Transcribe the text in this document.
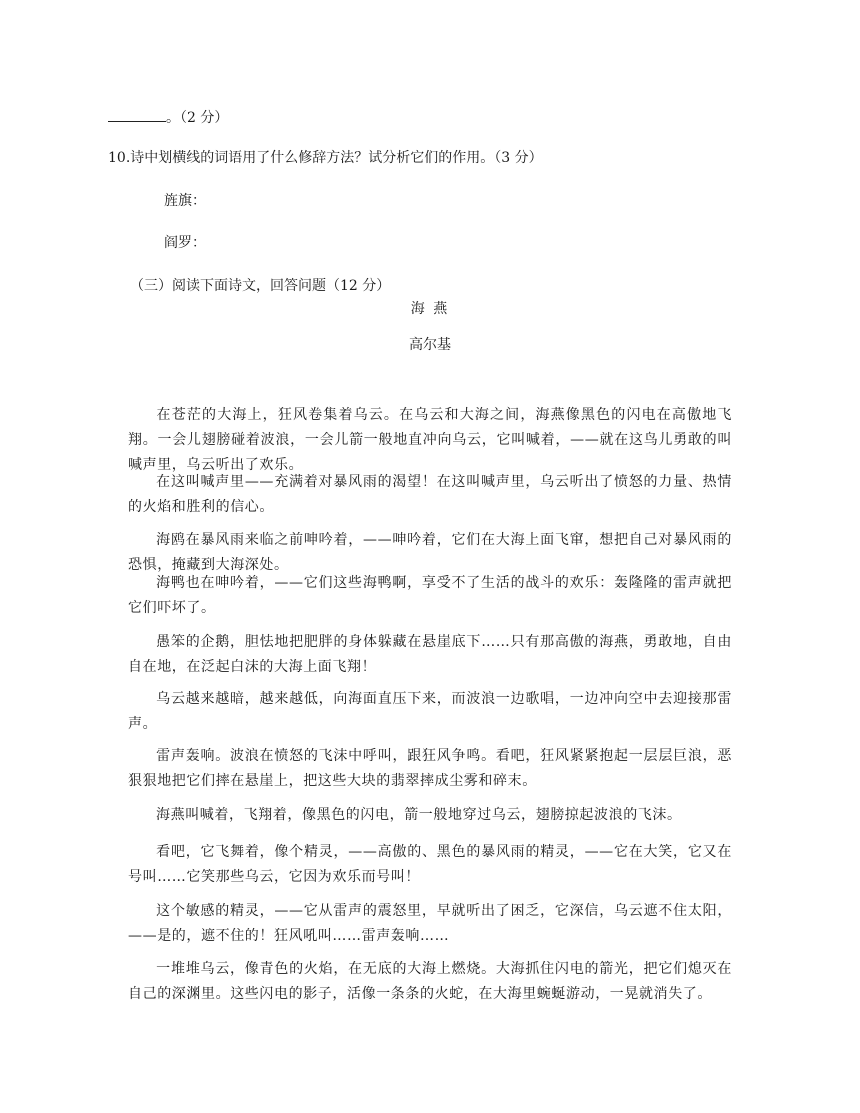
。（2 分）
10.诗中划横线的词语用了什么修辞方法？试分析它们的作用。（3 分）
旌旗：
阎罗：
（三）阅读下面诗文，回答问题（12 分）
海 燕
高尔基
在苍茫的大海上，狂风卷集着乌云。在乌云和大海之间，海燕像黑色的闪电在高傲地飞翔。一会儿翅膀碰着波浪，一会儿箭一般地直冲向乌云，它叫喊着，——就在这鸟儿勇敢的叫喊声里，乌云听出了欢乐。
在这叫喊声里——充满着对暴风雨的渴望！在这叫喊声里，乌云听出了愤怒的力量、热情的火焰和胜利的信心。
海鸥在暴风雨来临之前呻吟着，——呻吟着，它们在大海上面飞窜，想把自己对暴风雨的恐惧，掩藏到大海深处。
海鸭也在呻吟着，——它们这些海鸭啊，享受不了生活的战斗的欢乐：轰隆隆的雷声就把它们吓坏了。
愚笨的企鹅，胆怯地把肥胖的身体躲藏在悬崖底下……只有那高傲的海燕，勇敢地，自由自在地，在泛起白沫的大海上面飞翔！
乌云越来越暗，越来越低，向海面直压下来，而波浪一边歌唱，一边冲向空中去迎接那雷声。
雷声轰响。波浪在愤怒的飞沫中呼叫，跟狂风争鸣。看吧，狂风紧紧抱起一层层巨浪，恶狠狠地把它们摔在悬崖上，把这些大块的翡翠摔成尘雾和碎末。
海燕叫喊着，飞翔着，像黑色的闪电，箭一般地穿过乌云，翅膀掠起波浪的飞沫。
看吧，它飞舞着，像个精灵，——高傲的、黑色的暴风雨的精灵，——它在大笑，它又在号叫……它笑那些乌云，它因为欢乐而号叫！
这个敏感的精灵，——它从雷声的震怒里，早就听出了困乏，它深信，乌云遮不住太阳，——是的，遮不住的！狂风吼叫……雷声轰响……
一堆堆乌云，像青色的火焰，在无底的大海上燃烧。大海抓住闪电的箭光，把它们熄灭在自己的深渊里。这些闪电的影子，活像一条条的火蛇，在大海里蜿蜒游动，一晃就消失了。
